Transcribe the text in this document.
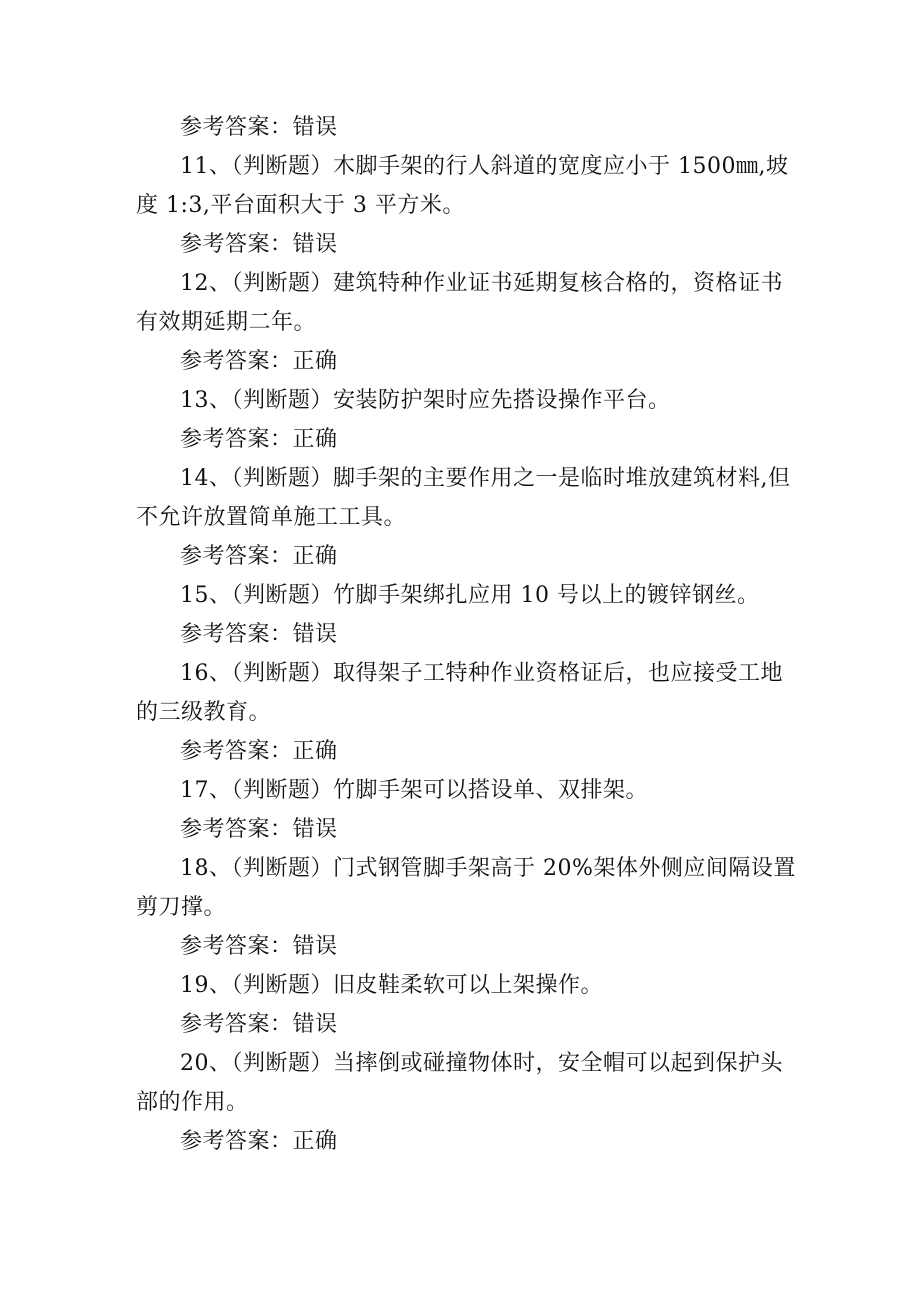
参考答案：错误

11、（判断题）木脚手架的行人斜道的宽度应小于 1500㎜,坡度 1:3,平台面积大于 3 平方米。

参考答案：错误

12、（判断题）建筑特种作业证书延期复核合格的，资格证书有效期延期二年。

参考答案：正确

13、（判断题）安装防护架时应先搭设操作平台。

参考答案：正确

14、（判断题）脚手架的主要作用之一是临时堆放建筑材料,但不允许放置简单施工工具。

参考答案：正确

15、（判断题）竹脚手架绑扎应用 10 号以上的镀锌钢丝。

参考答案：错误

16、（判断题）取得架子工特种作业资格证后，也应接受工地的三级教育。

参考答案：正确

17、（判断题）竹脚手架可以搭设单、双排架。

参考答案：错误

18、（判断题）门式钢管脚手架高于 20%架体外侧应间隔设置剪刀撑。

参考答案：错误

19、（判断题）旧皮鞋柔软可以上架操作。

参考答案：错误

20、（判断题）当摔倒或碰撞物体时，安全帽可以起到保护头部的作用。

参考答案：正确
